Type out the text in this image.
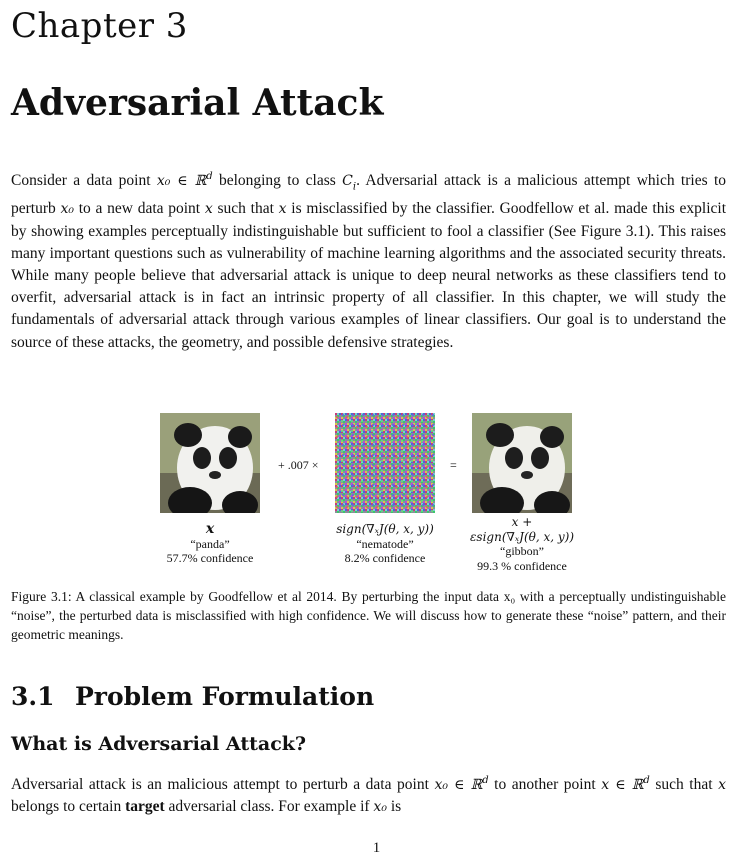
Chapter 3
Adversarial Attack
Consider a data point x₀ ∈ ℝ$^d$ belonging to class $C_i$. Adversarial attack is a malicious attempt which tries to perturb x₀ to a new data point x such that x is misclassified by the classifier. Goodfellow et al. made this explicit by showing examples perceptually indistinguishable but sufficient to fool a classifier (See Figure 3.1). This raises many important questions such as vulnerability of machine learning algorithms and the associated security threats. While many people believe that adversarial attack is unique to deep neural networks as these classifiers tend to overfit, adversarial attack is in fact an intrinsic property of all classifier. In this chapter, we will study the fundamentals of adversarial attack through various examples of linear classifiers. Our goal is to understand the source of these attacks, the geometry, and possible defensive strategies.
+ .007 ×	=
x
“panda”
57.7% confidence
sign(∇ₓJ(θ, x, y))
“nematode”
8.2% confidence
x +
εsign(∇ₓJ(θ, x, y))
“gibbon”
99.3 % confidence
Figure 3.1: A classical example by Goodfellow et al 2014. By perturbing the input data x₀ with a perceptually undistinguishable “noise”, the perturbed data is misclassified with high confidence. We will discuss how to generate these “noise” pattern, and their geometric meanings.
3.1 Problem Formulation
What is Adversarial Attack?
Adversarial attack is an malicious attempt to perturb a data point x₀ ∈ ℝ$^d$ to another point x ∈ ℝ$^d$ such that x belongs to certain target adversarial class. For example if x₀ is
1
